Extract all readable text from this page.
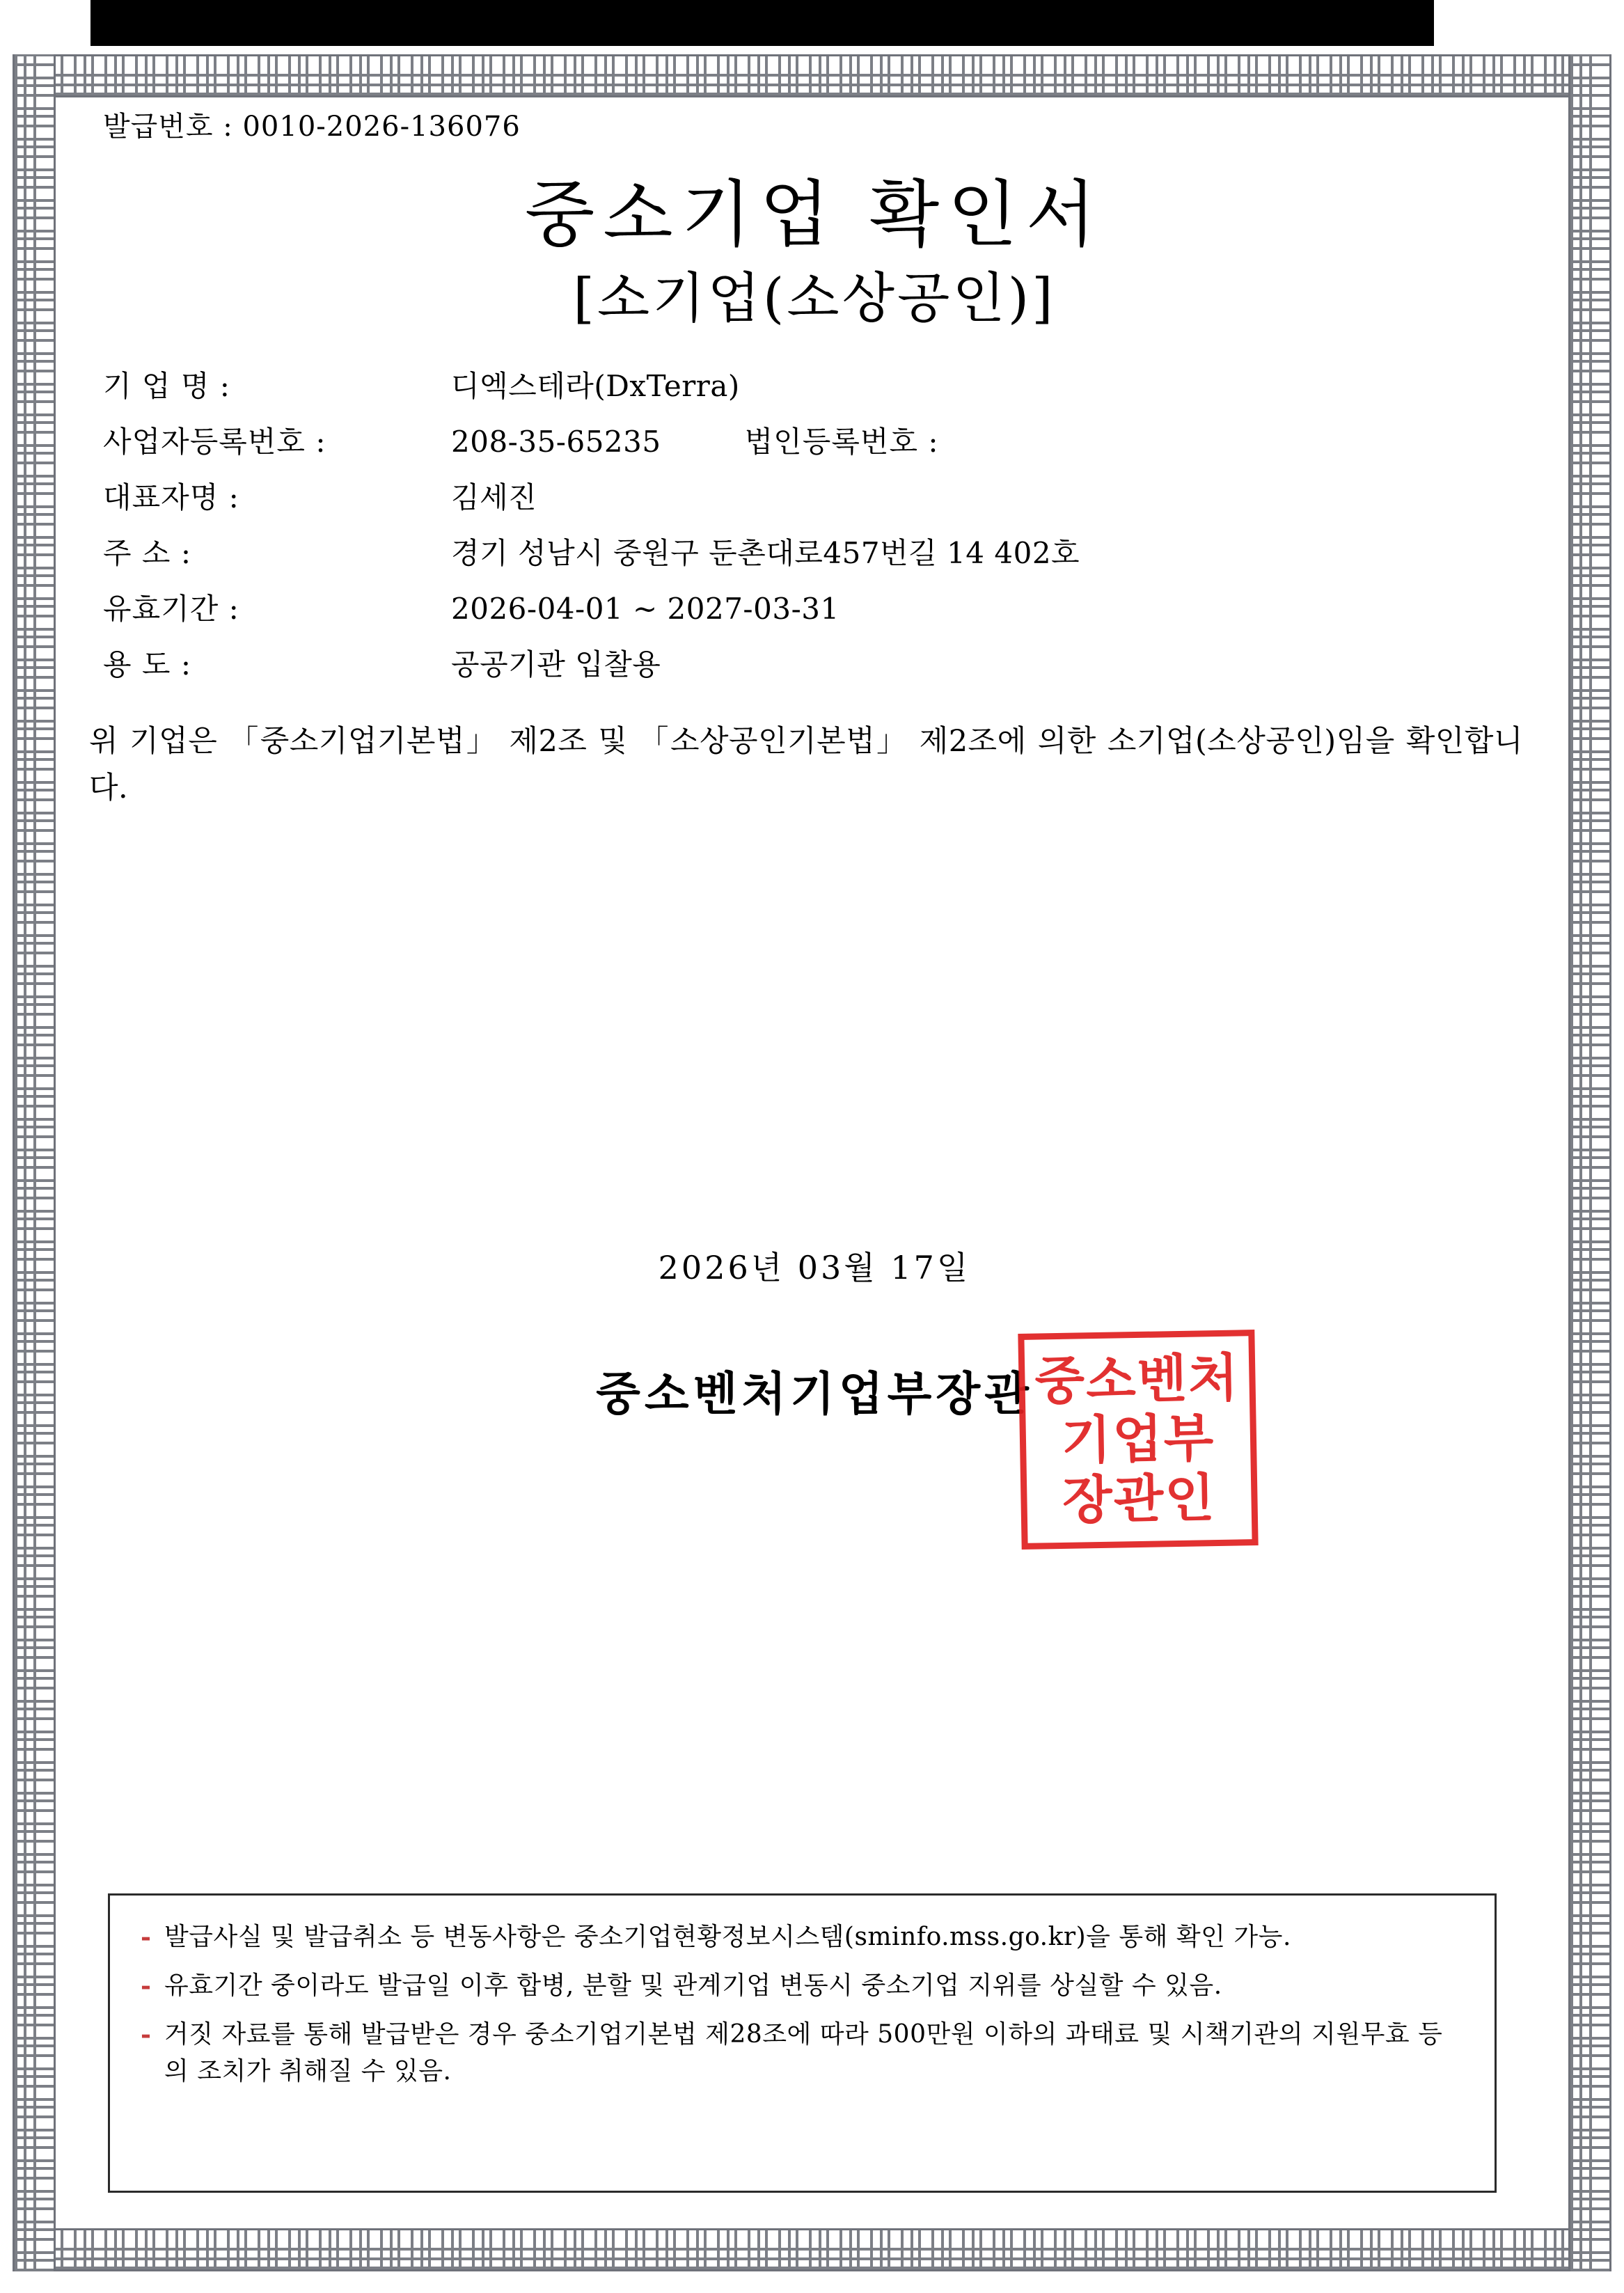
발급번호 : 0010-2026-136076
중소기업 확인서
[소기업(소상공인)]
기 업 명 :	디엑스테라(DxTerra)
사업자등록번호 :	208-35-65235	법인등록번호 :
대표자명 :	김세진
주 소 :	경기 성남시 중원구 둔촌대로457번길 14 402호
유효기간 :	2026-04-01 ~ 2027-03-31
용 도 :	공공기관 입찰용
위 기업은 「중소기업기본법」 제2조 및 「소상공인기본법」 제2조에 의한 소기업(소상공인)임을 확인합니다.
2026년 03월 17일
중소벤처기업부장관 중소벤처
기업부
장관인
- 발급사실 및 발급취소 등 변동사항은 중소기업현황정보시스템(sminfo.mss.go.kr)을 통해 확인 가능.
- 유효기간 중이라도 발급일 이후 합병, 분할 및 관계기업 변동시 중소기업 지위를 상실할 수 있음.
- 거짓 자료를 통해 발급받은 경우 중소기업기본법 제28조에 따라 500만원 이하의 과태료 및 시책기관의 지원무효 등의 조치가 취해질 수 있음.
